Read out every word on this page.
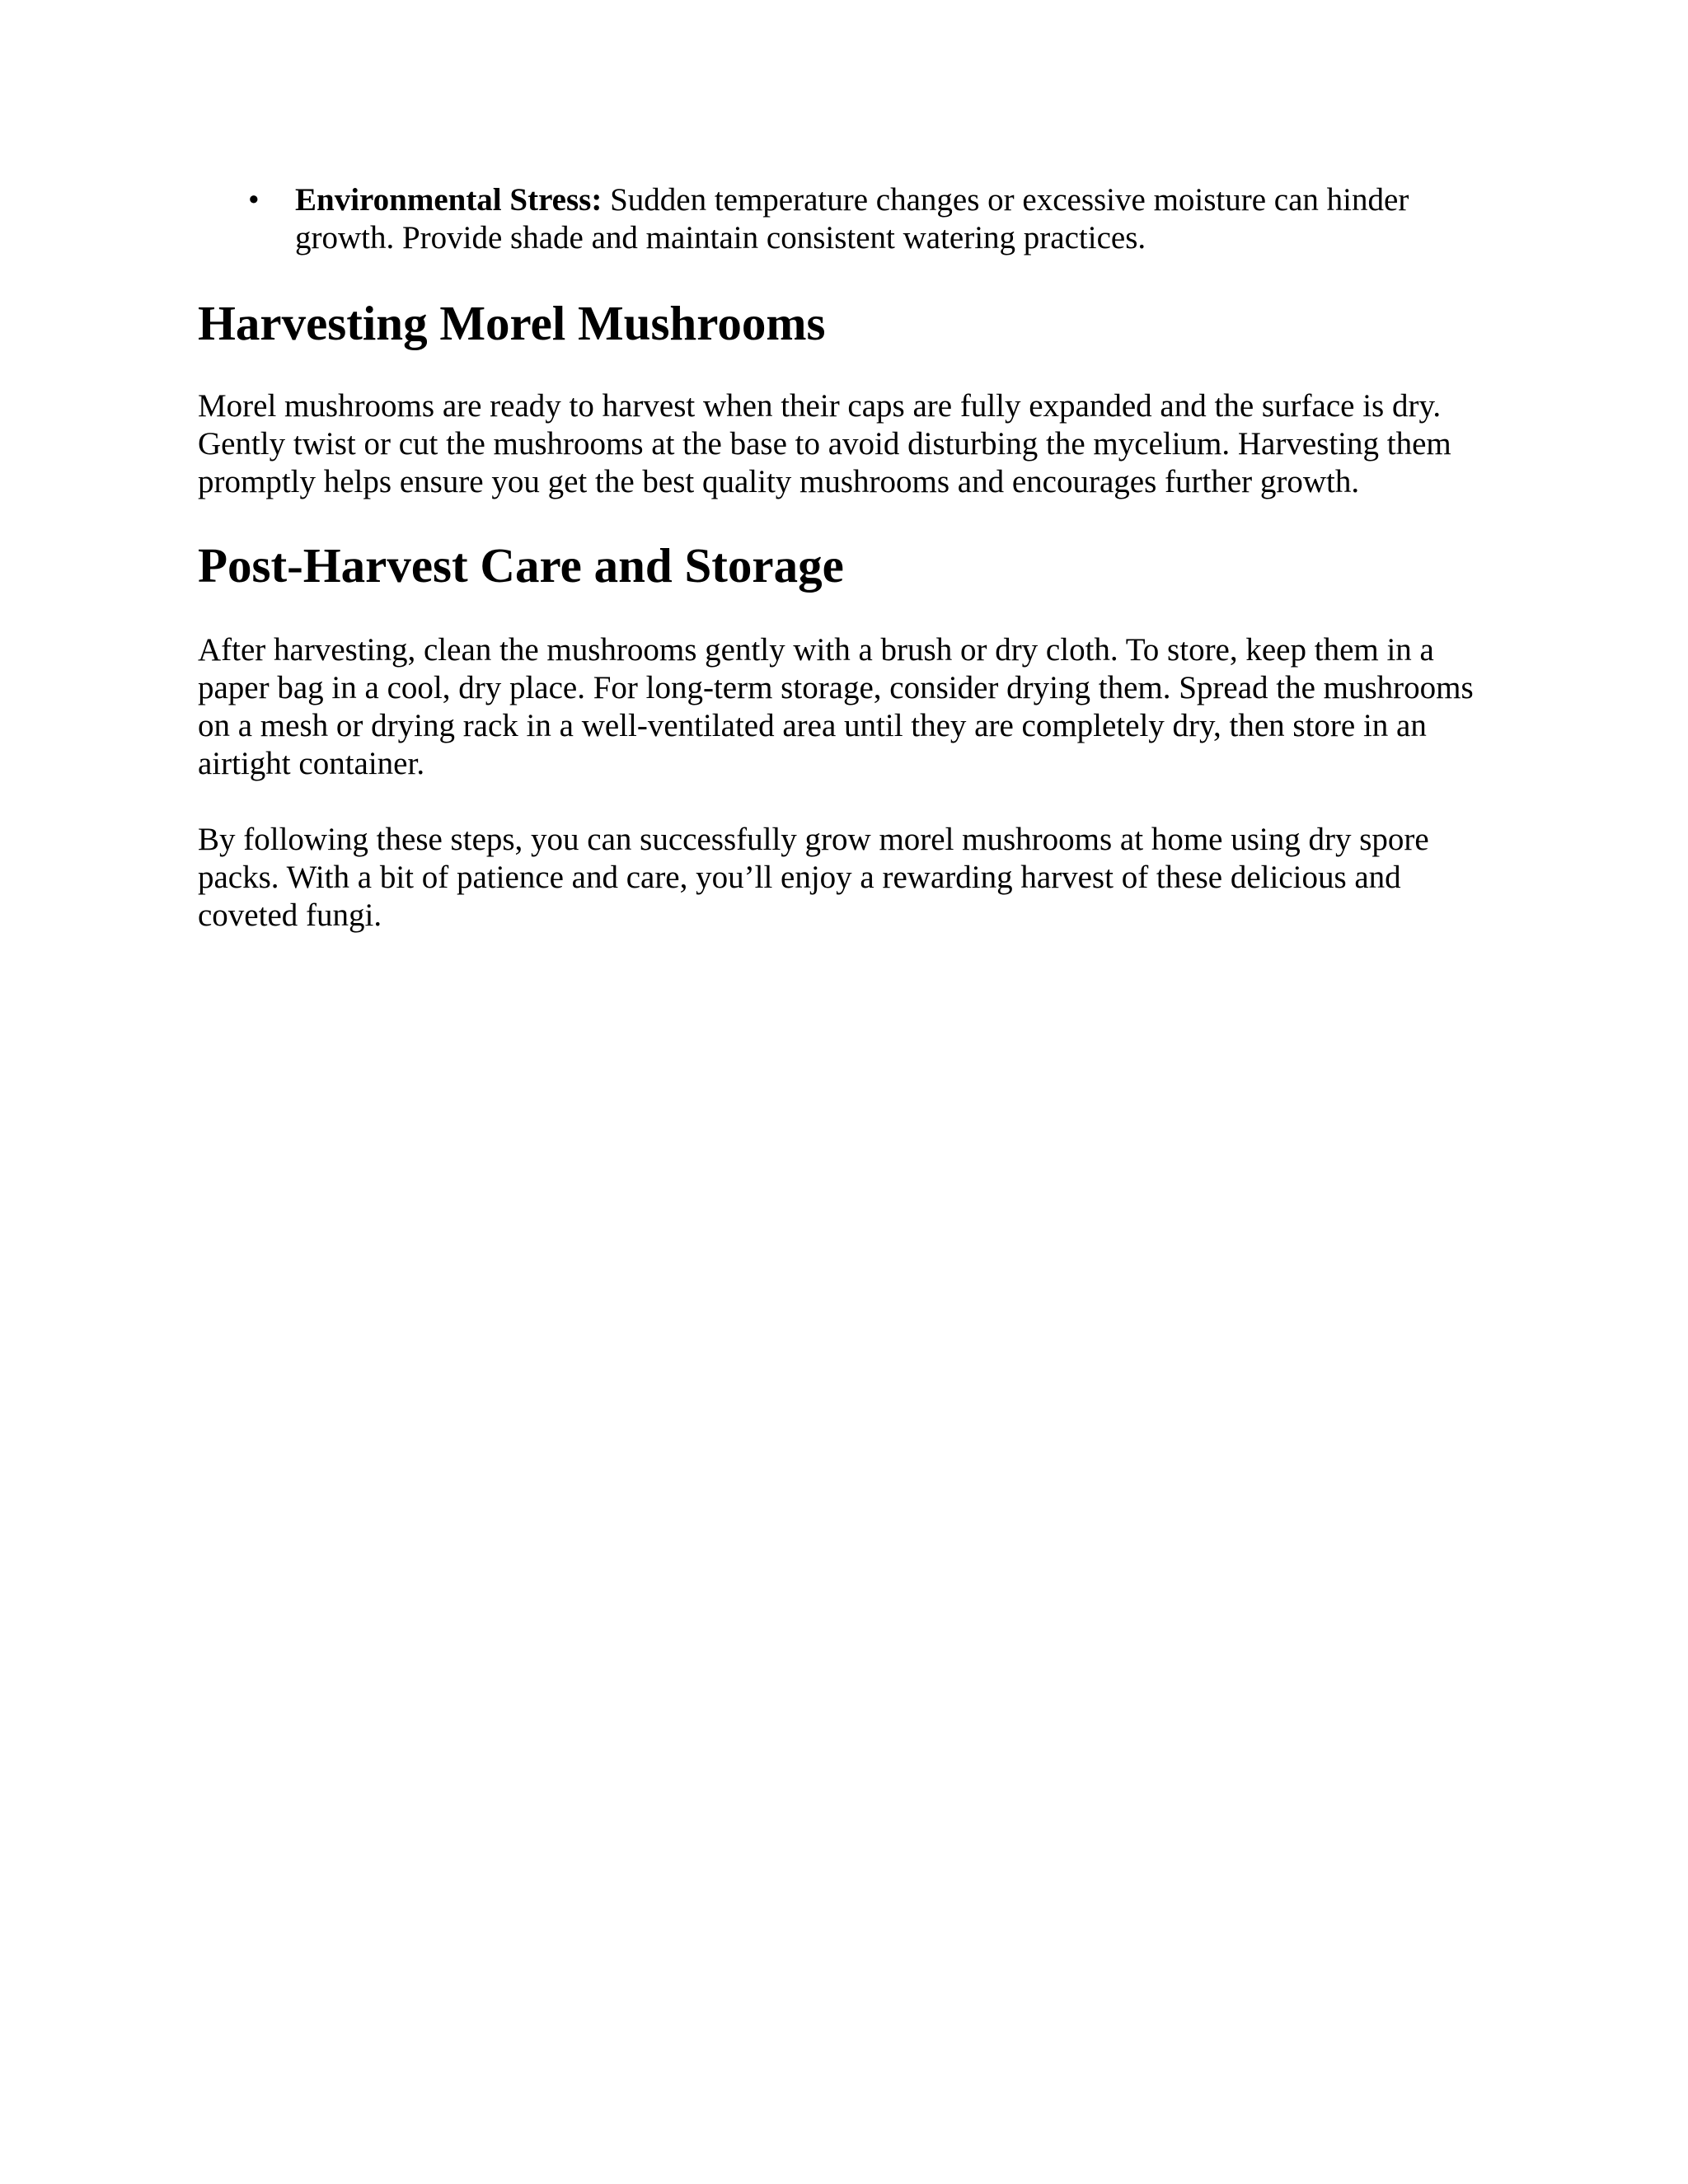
• Environmental Stress: Sudden temperature changes or excessive moisture can hinder growth. Provide shade and maintain consistent watering practices.
Harvesting Morel Mushrooms

Morel mushrooms are ready to harvest when their caps are fully expanded and the surface is dry. Gently twist or cut the mushrooms at the base to avoid disturbing the mycelium. Harvesting them promptly helps ensure you get the best quality mushrooms and encourages further growth.

Post-Harvest Care and Storage

After harvesting, clean the mushrooms gently with a brush or dry cloth. To store, keep them in a paper bag in a cool, dry place. For long-term storage, consider drying them. Spread the mushrooms on a mesh or drying rack in a well-ventilated area until they are completely dry, then store in an airtight container.

By following these steps, you can successfully grow morel mushrooms at home using dry spore packs. With a bit of patience and care, you’ll enjoy a rewarding harvest of these delicious and coveted fungi.
